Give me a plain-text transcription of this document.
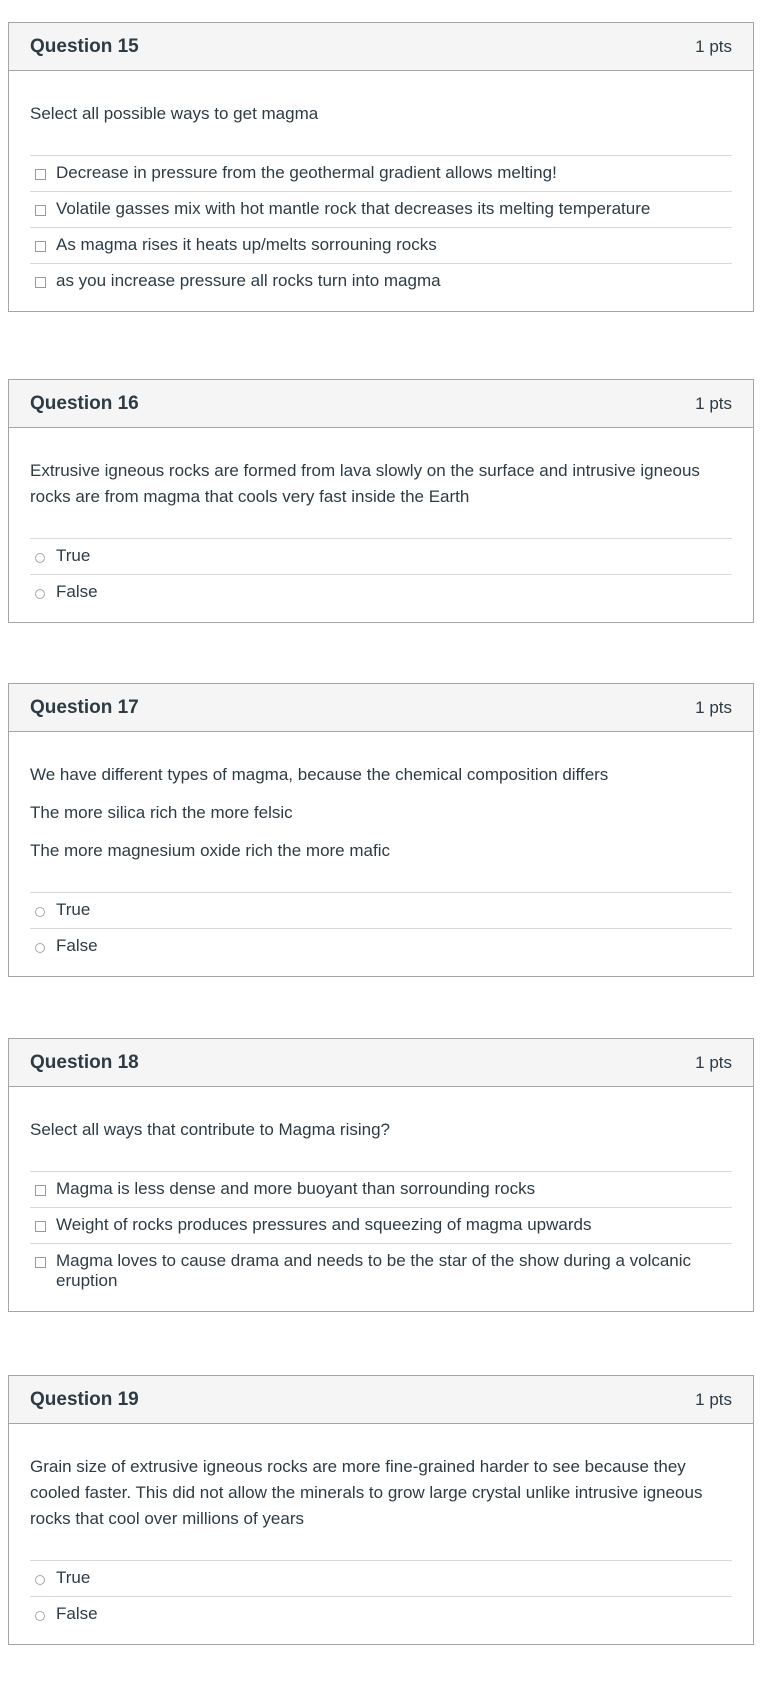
Question 15	1 pts

Select all possible ways to get magma

Decrease in pressure from the geothermal gradient allows melting!
Volatile gasses mix with hot mantle rock that decreases its melting temperature
As magma rises it heats up/melts sorrouning rocks
as you increase pressure all rocks turn into magma
Question 16	1 pts

Extrusive igneous rocks are formed from lava slowly on the surface and intrusive igneous rocks are from magma that cools very fast inside the Earth

True
False
Question 17	1 pts

We have different types of magma, because the chemical composition differs

The more silica rich the more felsic

The more magnesium oxide rich the more mafic

True
False
Question 18	1 pts

Select all ways that contribute to Magma rising?

Magma is less dense and more buoyant than sorrounding rocks
Weight of rocks produces pressures and squeezing of magma upwards
Magma loves to cause drama and needs to be the star of the show during a volcanic eruption
Question 19	1 pts

Grain size of extrusive igneous rocks are more fine-grained harder to see because they cooled faster. This did not allow the minerals to grow large crystal unlike intrusive igneous rocks that cool over millions of years

True
False
